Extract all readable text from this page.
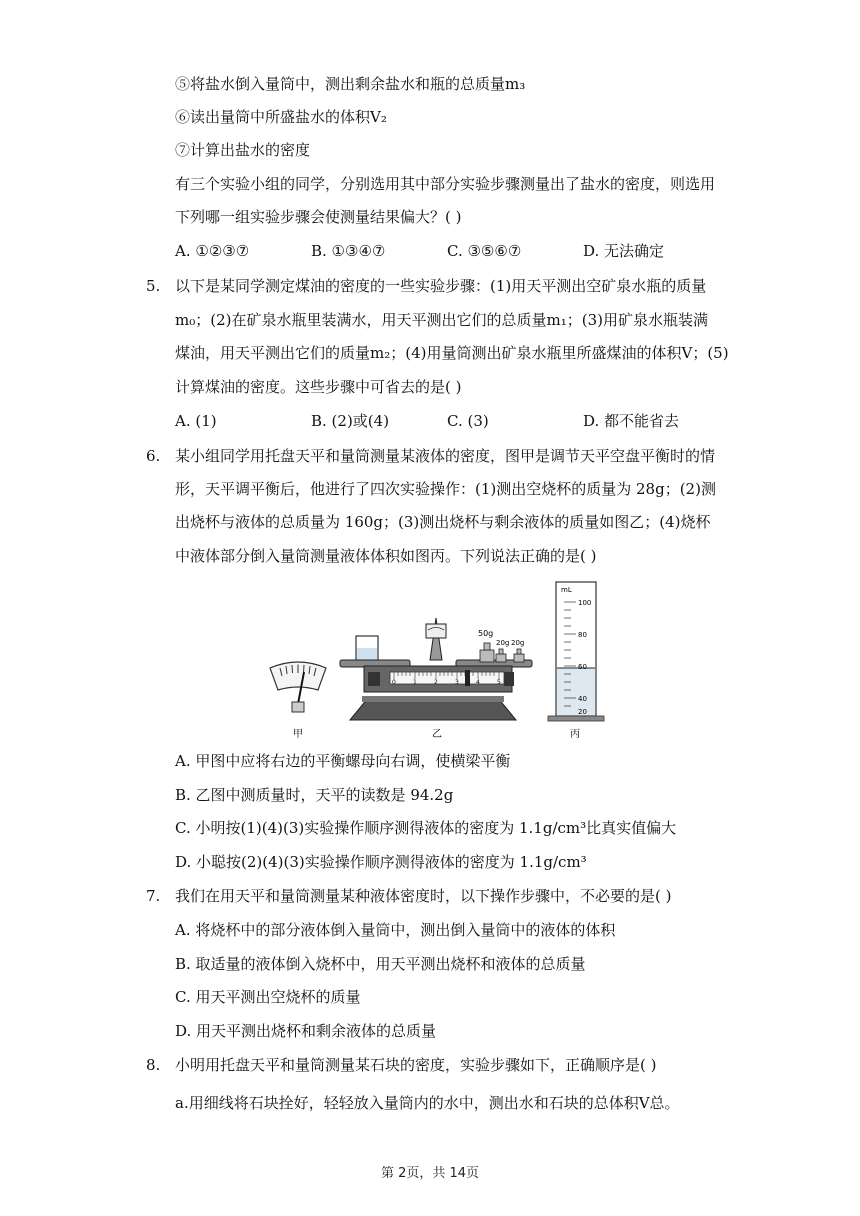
⑤将盐水倒入量筒中，测出剩余盐水和瓶的总质量m₃
⑥读出量筒中所盛盐水的体积V₂
⑦计算出盐水的密度
有三个实验小组的同学，分别选用其中部分实验步骤测量出了盐水的密度，则选用
下列哪一组实验步骤会使测量结果偏大？( )
A. ①②③⑦	B. ①③④⑦	C. ③⑤⑥⑦	D. 无法确定
5. 以下是某同学测定煤油的密度的一些实验步骤：(1)用天平测出空矿泉水瓶的质量
m₀；(2)在矿泉水瓶里装满水，用天平测出它们的总质量m₁；(3)用矿泉水瓶装满
煤油，用天平测出它们的质量m₂；(4)用量筒测出矿泉水瓶里所盛煤油的体积V；(5)
计算煤油的密度。这些步骤中可省去的是( )
A. (1)	B. (2)或(4)	C. (3)	D. 都不能省去
6. 某小组同学用托盘天平和量筒测量某液体的密度，图甲是调节天平空盘平衡时的情
形，天平调平衡后，他进行了四次实验操作：(1)测出空烧杯的质量为 28g；(2)测
出烧杯与液体的总质量为 160g；(3)测出烧杯与剩余液体的质量如图乙；(4)烧杯
中液体部分倒入量筒测量液体体积如图丙。下列说法正确的是( )
甲
0	1	2	3	4	5
50g
20g 20g
乙
mL
100
80
60
40
20
丙
A. 甲图中应将右边的平衡螺母向右调，使横梁平衡
B. 乙图中测质量时，天平的读数是 94.2g
C. 小明按(1)(4)(3)实验操作顺序测得液体的密度为 1.1g/cm³比真实值偏大
D. 小聪按(2)(4)(3)实验操作顺序测得液体的密度为 1.1g/cm³
7. 我们在用天平和量筒测量某种液体密度时，以下操作步骤中，不必要的是( )
A. 将烧杯中的部分液体倒入量筒中，测出倒入量筒中的液体的体积
B. 取适量的液体倒入烧杯中，用天平测出烧杯和液体的总质量
C. 用天平测出空烧杯的质量
D. 用天平测出烧杯和剩余液体的总质量
8. 小明用托盘天平和量筒测量某石块的密度，实验步骤如下，正确顺序是( )
a.用细线将石块拴好，轻轻放入量筒内的水中，测出水和石块的总体积V总。
第 2页，共 14页
